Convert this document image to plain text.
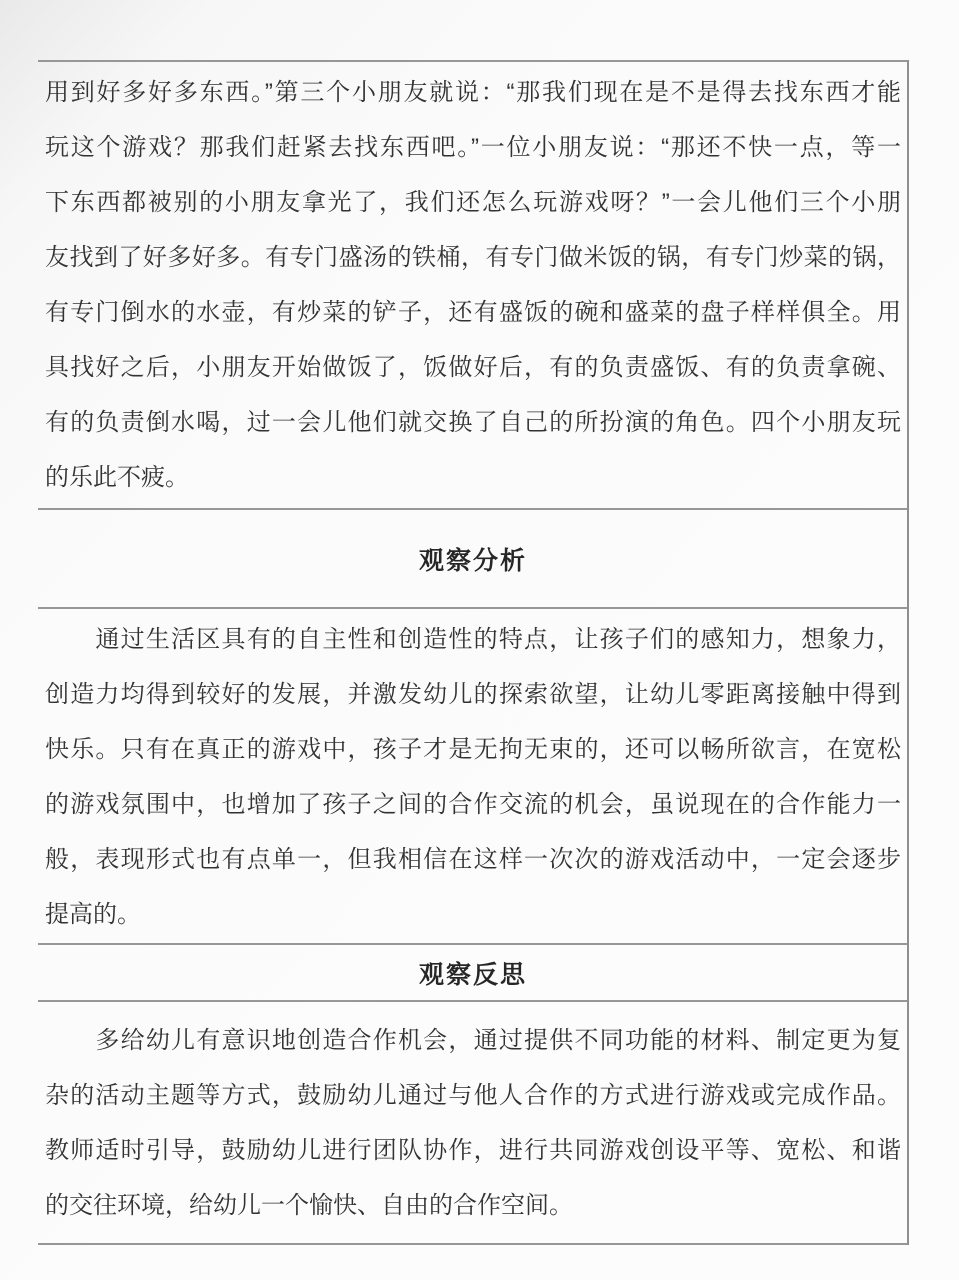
用到好多好多东西。”第三个小朋友就说：“那我们现在是不是得去找东西才能
玩这个游戏？那我们赶紧去找东西吧。”一位小朋友说：“那还不快一点，等一
下东西都被别的小朋友拿光了，我们还怎么玩游戏呀？”一会儿他们三个小朋
友找到了好多好多。有专门盛汤的铁桶，有专门做米饭的锅，有专门炒菜的锅，
有专门倒水的水壶，有炒菜的铲子，还有盛饭的碗和盛菜的盘子样样俱全。用
具找好之后，小朋友开始做饭了，饭做好后，有的负责盛饭、有的负责拿碗、
有的负责倒水喝，过一会儿他们就交换了自己的所扮演的角色。四个小朋友玩
的乐此不疲。
观察分析
　　通过生活区具有的自主性和创造性的特点，让孩子们的感知力，想象力，
创造力均得到较好的发展，并激发幼儿的探索欲望，让幼儿零距离接触中得到
快乐。只有在真正的游戏中，孩子才是无拘无束的，还可以畅所欲言，在宽松
的游戏氛围中，也增加了孩子之间的合作交流的机会，虽说现在的合作能力一
般，表现形式也有点单一，但我相信在这样一次次的游戏活动中，一定会逐步
提高的。
观察反思
　　多给幼儿有意识地创造合作机会，通过提供不同功能的材料、制定更为复
杂的活动主题等方式，鼓励幼儿通过与他人合作的方式进行游戏或完成作品。
教师适时引导，鼓励幼儿进行团队协作，进行共同游戏创设平等、宽松、和谐
的交往环境，给幼儿一个愉快、自由的合作空间。
